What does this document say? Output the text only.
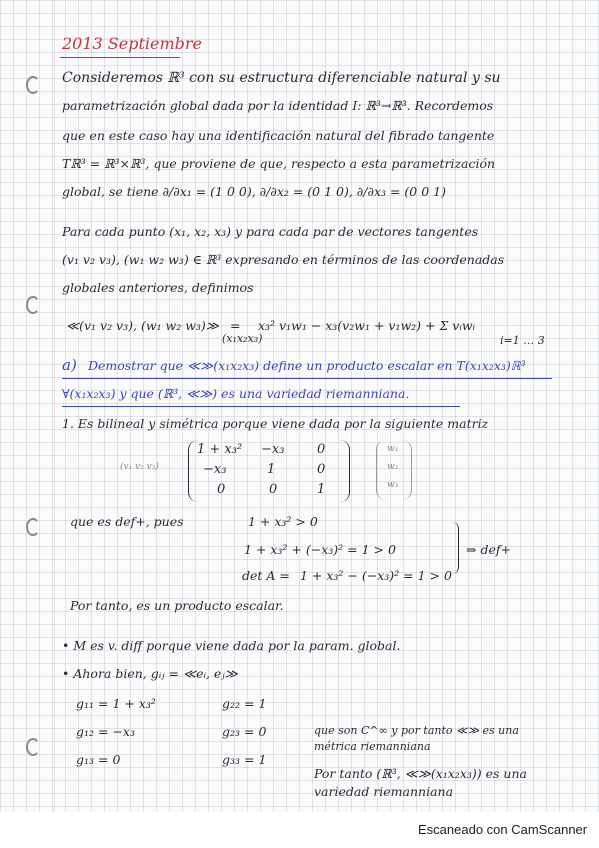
2013 Septiembre
Consideremos ℝ³ con su estructura diferenciable natural y su
parametrización global dada por la identidad I: ℝ³→ℝ³. Recordemos
que en este caso hay una identificación natural del fibrado tangente
Tℝ³ = ℝ³×ℝ³, que proviene de que, respecto a esta parametrización
global, se tiene ∂/∂x₁ = (1 0 0), ∂/∂x₂ = (0 1 0), ∂/∂x₃ = (0 0 1)
Para cada punto (x₁, x₂, x₃) y para cada par de vectores tangentes
(v₁ v₂ v₃), (w₁ w₂ w₃) ∈ ℝ³ expresando en términos de las coordenadas
globales anteriores, definimos
≪(v₁ v₂ v₃), (w₁ w₂ w₃)≫
(x₁x₂x₃)
= x₃² v₁w₁ − x₃(v₂w₁ + v₁w₂) + Σ vᵢwᵢ
i=1 … 3
a) Demostrar que ≪≫(x₁x₂x₃) define un producto escalar en T(x₁x₂x₃)ℝ³
∀(x₁x₂x₃) y que (ℝ³, ≪≫) es una variedad riemanniana.
1. Es bilineal y simétrica porque viene dada por la siguiente matriz
(v₁ v₂ v₃)
1 + x₃² −x₃	0
−x₃	1	0
0	0	1
w₁
w₂
w₃
que es def+, pues	1 + x₃² > 0
1 + x₃² + (−x₃)² = 1 > 0
det A = 1 + x₃² − (−x₃)² = 1 > 0
⇒ def+
Por tanto, es un producto escalar.
• M es v. diff porque viene dada por la param. global.
• Ahora bien, gᵢⱼ = ≪eᵢ, eⱼ≫
g₁₁ = 1 + x₃²
g₁₂ = −x₃
g₁₃ = 0
g₂₂ = 1
g₂₃ = 0
g₃₃ = 1
que son C^∞ y por tanto ≪≫ es una
métrica riemanniana
Por tanto (ℝ³, ≪≫(x₁x₂x₃)) es una
variedad riemanniana
Escaneado con CamScanner
